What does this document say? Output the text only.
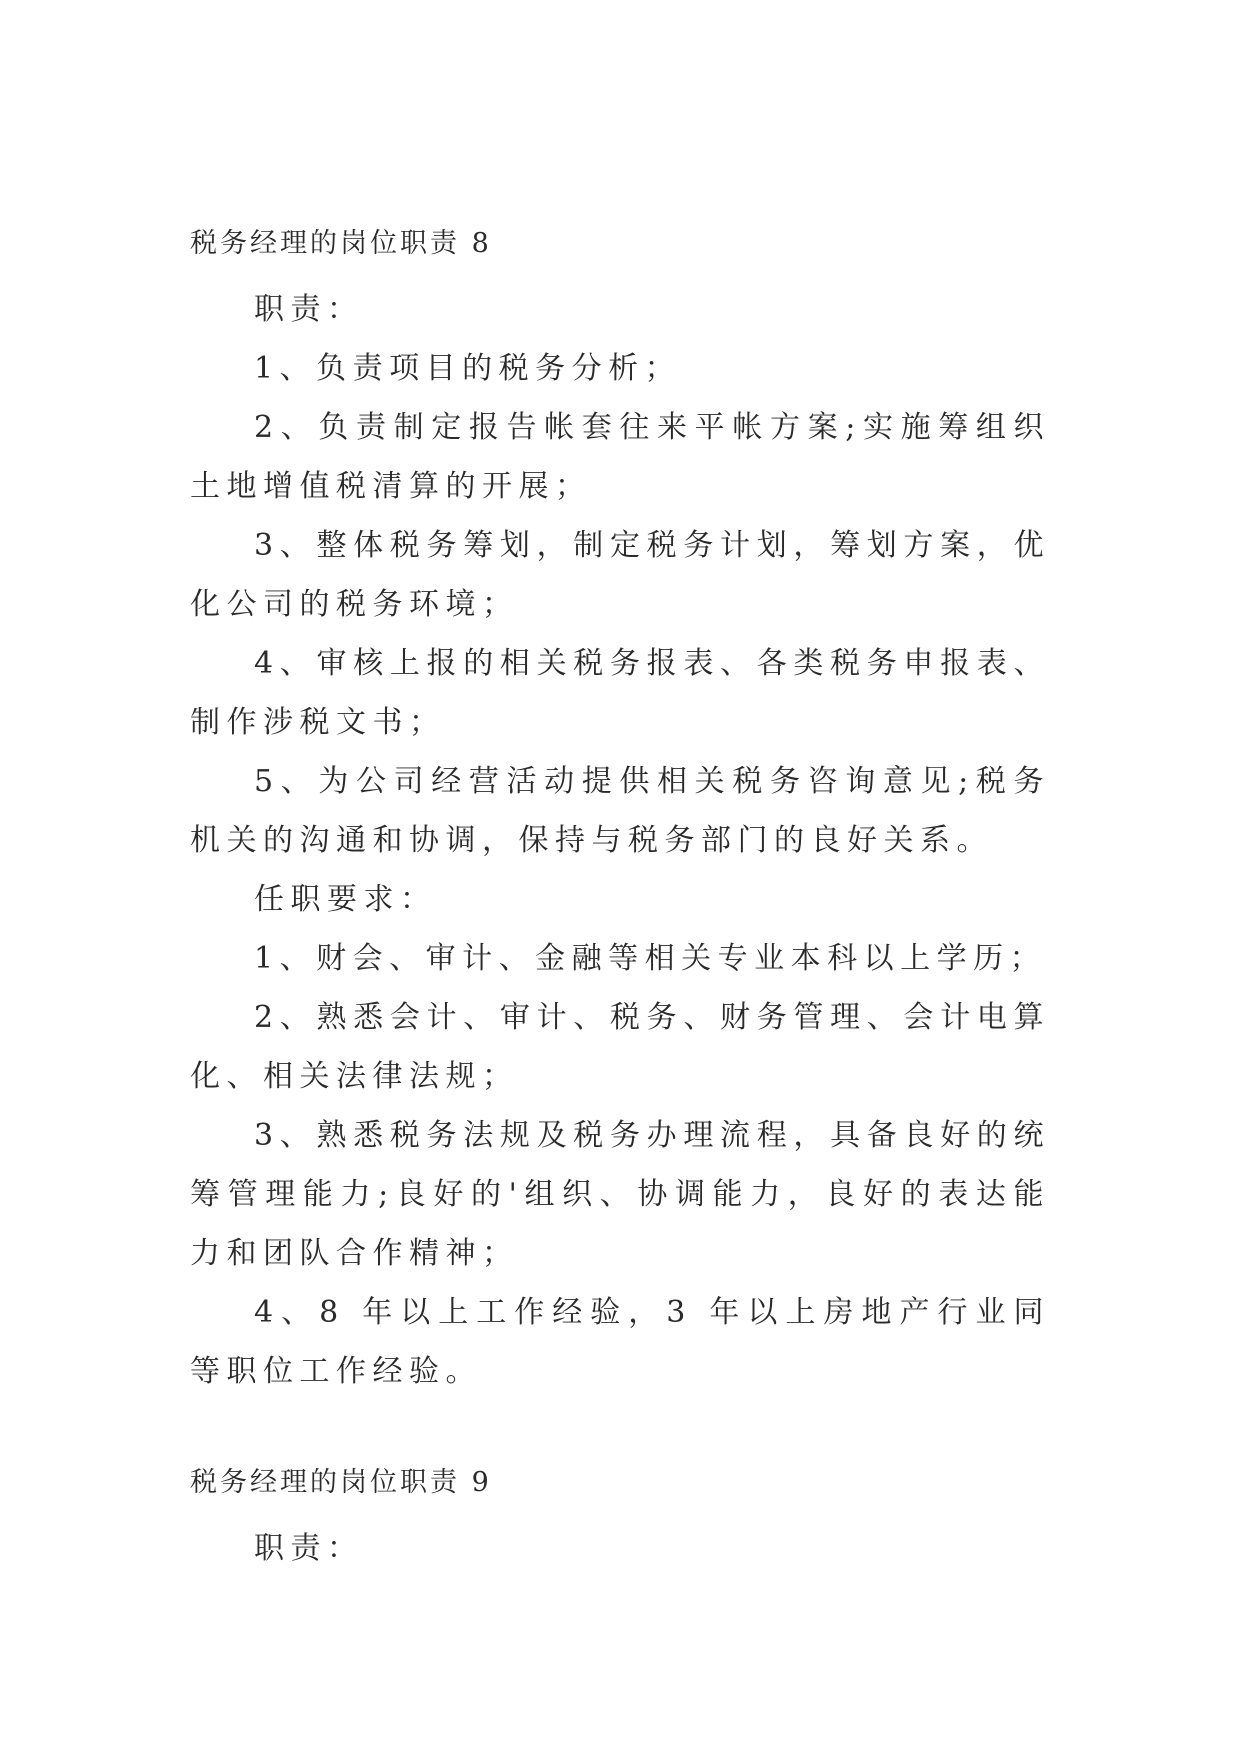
税务经理的岗位职责 8

职责：

1、负责项目的税务分析；

2、负责制定报告帐套往来平帐方案;实施筹组织土地增值税清算的开展；

3、整体税务筹划，制定税务计划，筹划方案，优化公司的税务环境；

4、审核上报的相关税务报表、各类税务申报表、制作涉税文书；

5、为公司经营活动提供相关税务咨询意见;税务机关的沟通和协调，保持与税务部门的良好关系。

任职要求：

1、财会、审计、金融等相关专业本科以上学历；

2、熟悉会计、审计、税务、财务管理、会计电算化、相关法律法规；

3、熟悉税务法规及税务办理流程，具备良好的统筹管理能力;良好的'组织、协调能力，良好的表达能力和团队合作精神；

4、8 年以上工作经验，3 年以上房地产行业同等职位工作经验。

税务经理的岗位职责 9

职责：
